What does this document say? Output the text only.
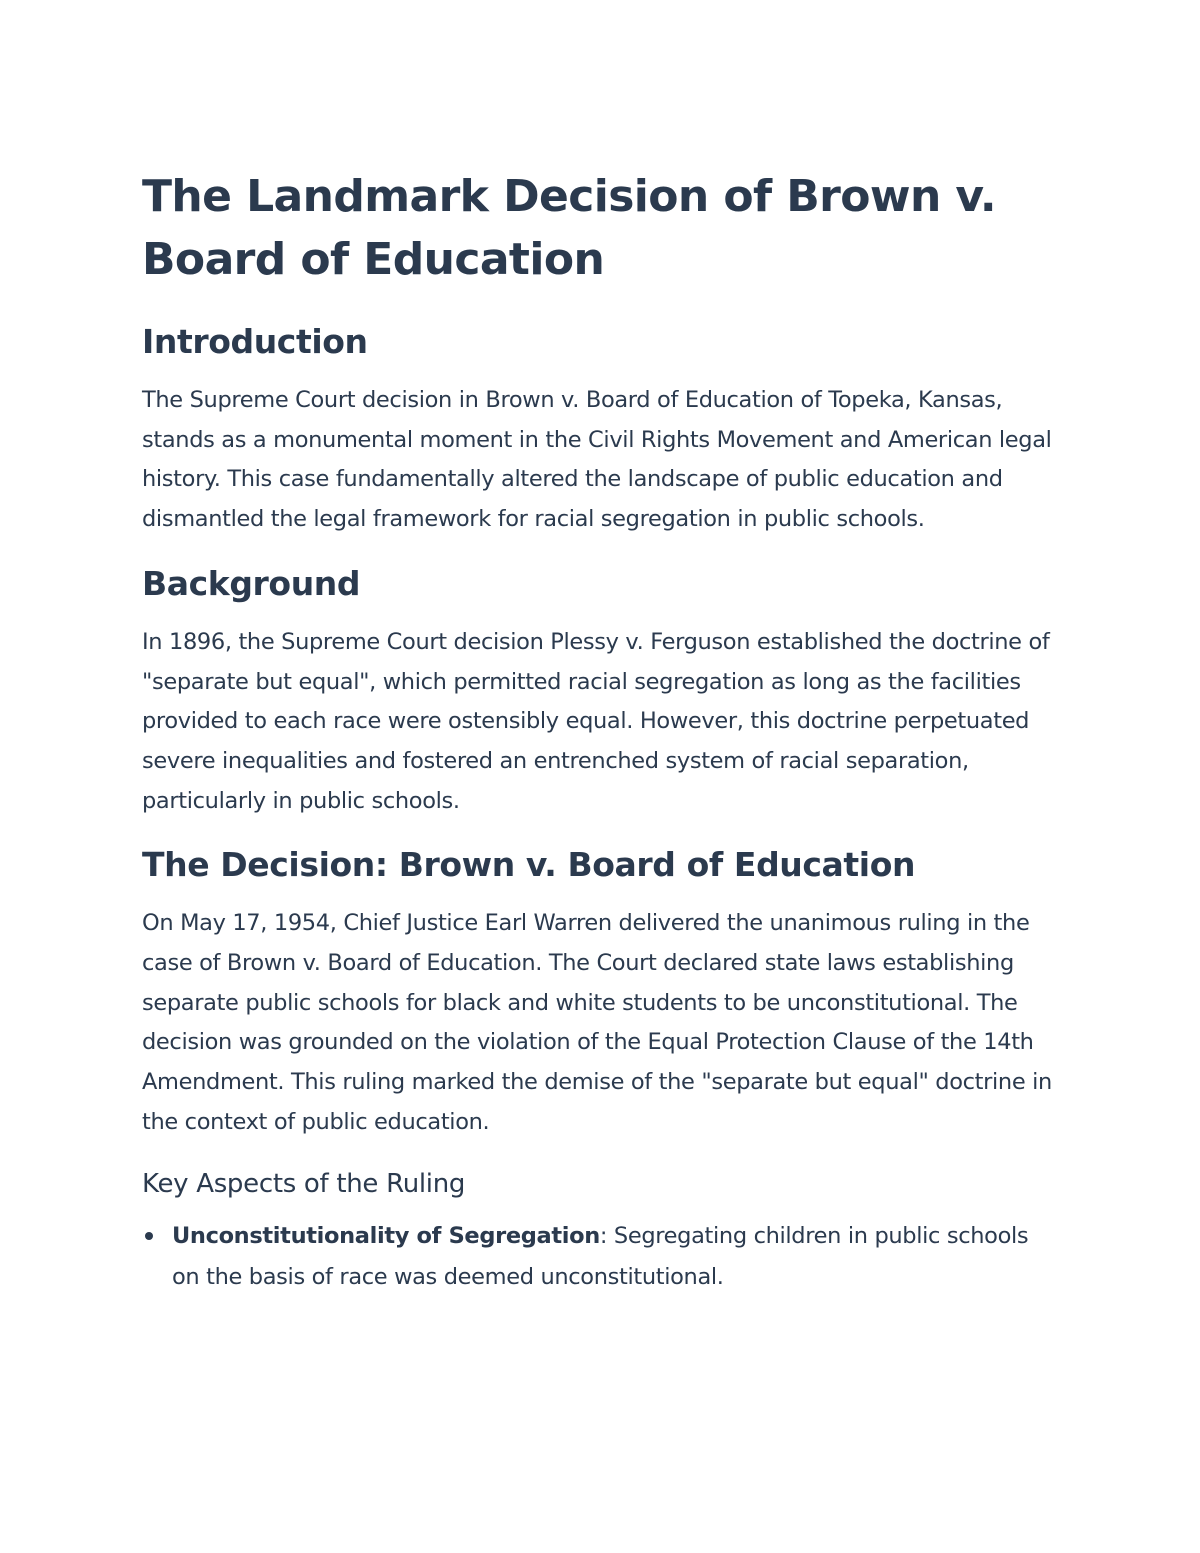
The Landmark Decision of Brown v. Board of Education
Introduction

The Supreme Court decision in Brown v. Board of Education of Topeka, Kansas, stands as a monumental moment in the Civil Rights Movement and American legal history. This case fundamentally altered the landscape of public education and dismantled the legal framework for racial segregation in public schools.

Background

In 1896, the Supreme Court decision Plessy v. Ferguson established the doctrine of "separate but equal", which permitted racial segregation as long as the facilities provided to each race were ostensibly equal. However, this doctrine perpetuated severe inequalities and fostered an entrenched system of racial separation, particularly in public schools.

The Decision: Brown v. Board of Education

On May 17, 1954, Chief Justice Earl Warren delivered the unanimous ruling in the case of Brown v. Board of Education. The Court declared state laws establishing separate public schools for black and white students to be unconstitutional. The decision was grounded on the violation of the Equal Protection Clause of the 14th Amendment. This ruling marked the demise of the "separate but equal" doctrine in the context of public education.

Key Aspects of the Ruling
Unconstitutionality of Segregation: Segregating children in public schools on the basis of race was deemed unconstitutional.
